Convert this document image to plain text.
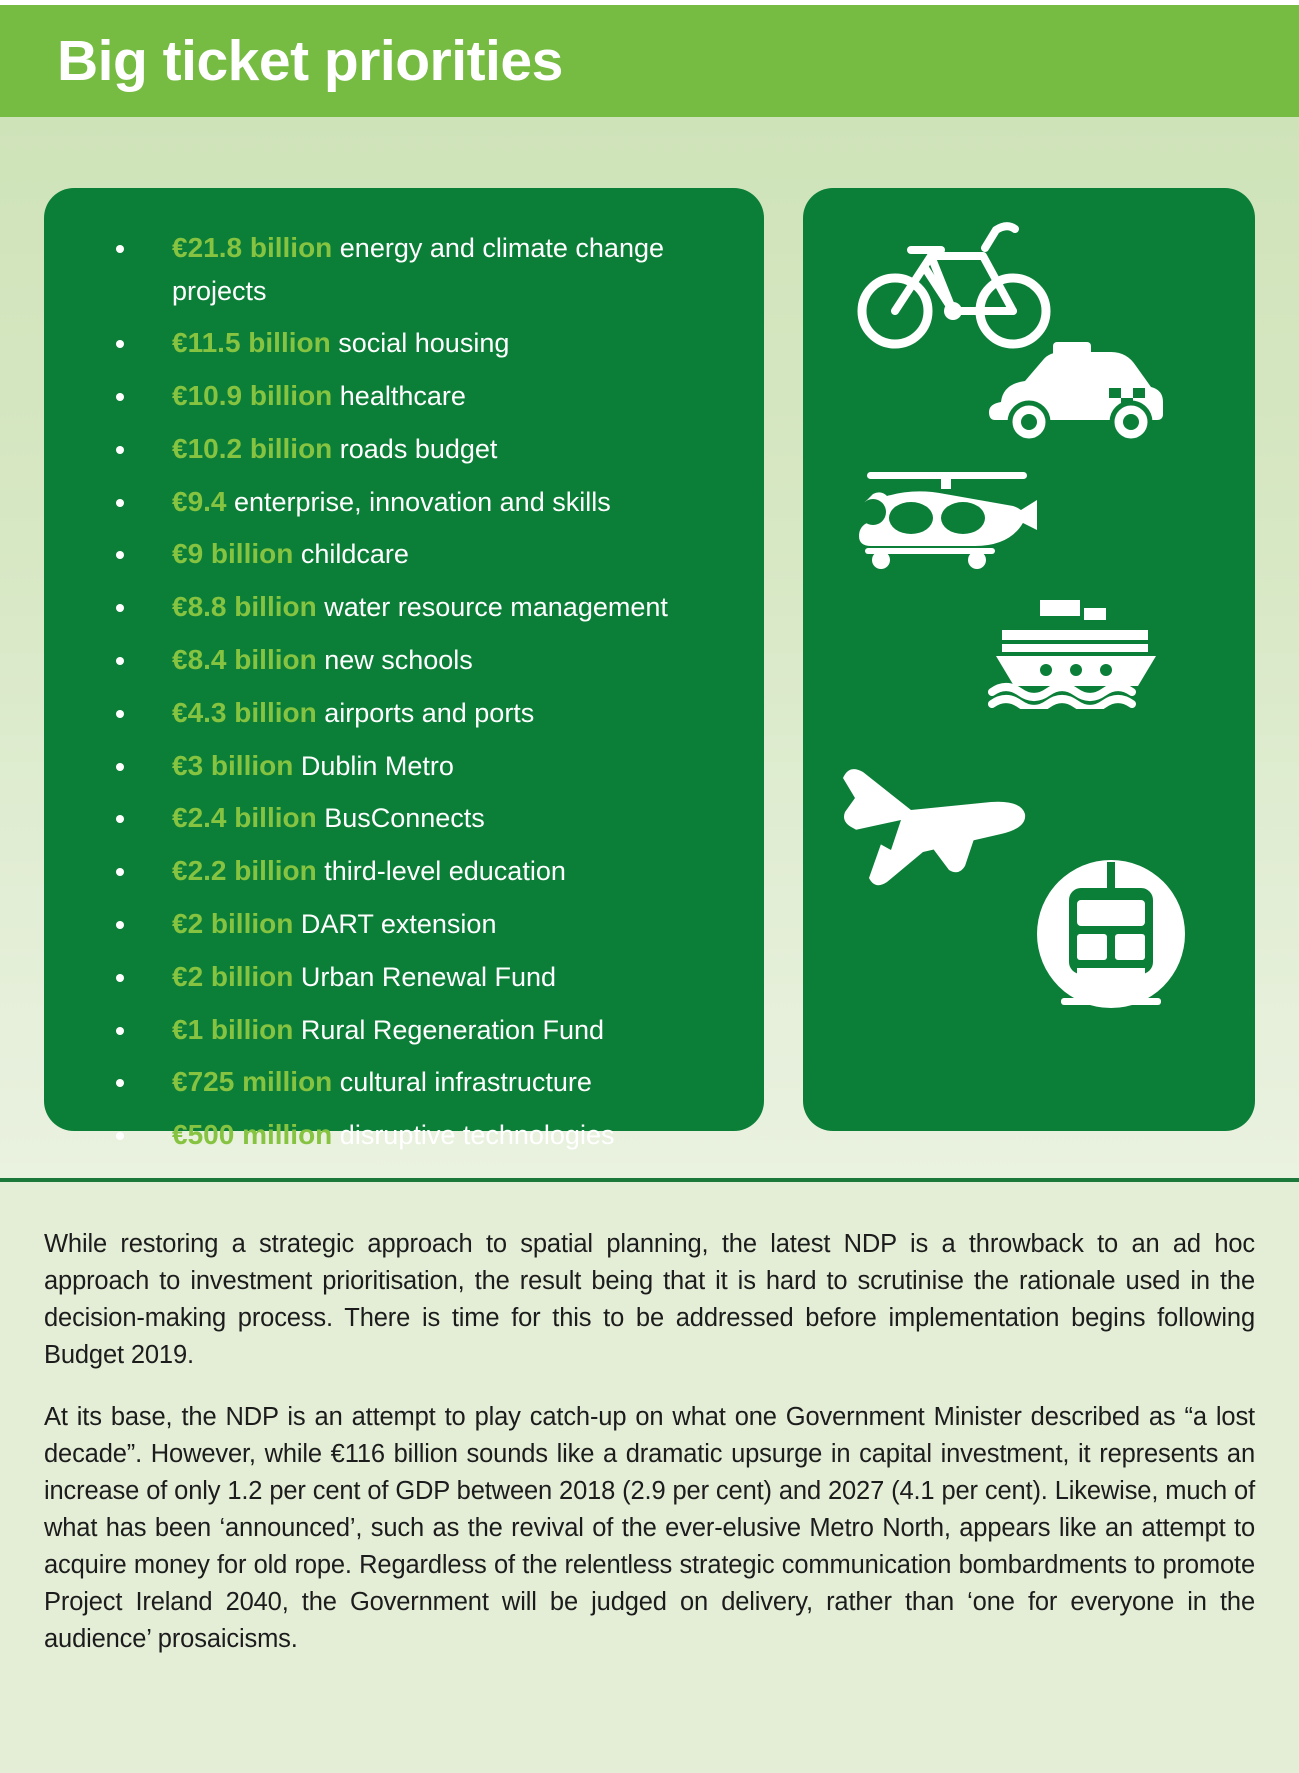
Big ticket priorities
€21.8 billion energy and climate change projects
€11.5 billion social housing
€10.9 billion healthcare
€10.2 billion roads budget
€9.4 enterprise, innovation and skills
€9 billion childcare
€8.8 billion water resource management
€8.4 billion new schools
€4.3 billion airports and ports
€3 billion Dublin Metro
€2.4 billion BusConnects
€2.2 billion third-level education
€2 billion DART extension
€2 billion Urban Renewal Fund
€1 billion Rural Regeneration Fund
€725 million cultural infrastructure
€500 million disruptive technologies

While restoring a strategic approach to spatial planning, the latest NDP is a throwback to an ad hoc approach to investment prioritisation, the result being that it is hard to scrutinise the rationale used in the decision-making process. There is time for this to be addressed before implementation begins following Budget 2019.

At its base, the NDP is an attempt to play catch-up on what one Government Minister described as “a lost decade”. However, while €116 billion sounds like a dramatic upsurge in capital investment, it represents an increase of only 1.2 per cent of GDP between 2018 (2.9 per cent) and 2027 (4.1 per cent). Likewise, much of what has been ‘announced’, such as the revival of the ever-elusive Metro North, appears like an attempt to acquire money for old rope. Regardless of the relentless strategic communication bombardments to promote Project Ireland 2040, the Government will be judged on delivery, rather than ‘one for everyone in the audience’ prosaicisms.
